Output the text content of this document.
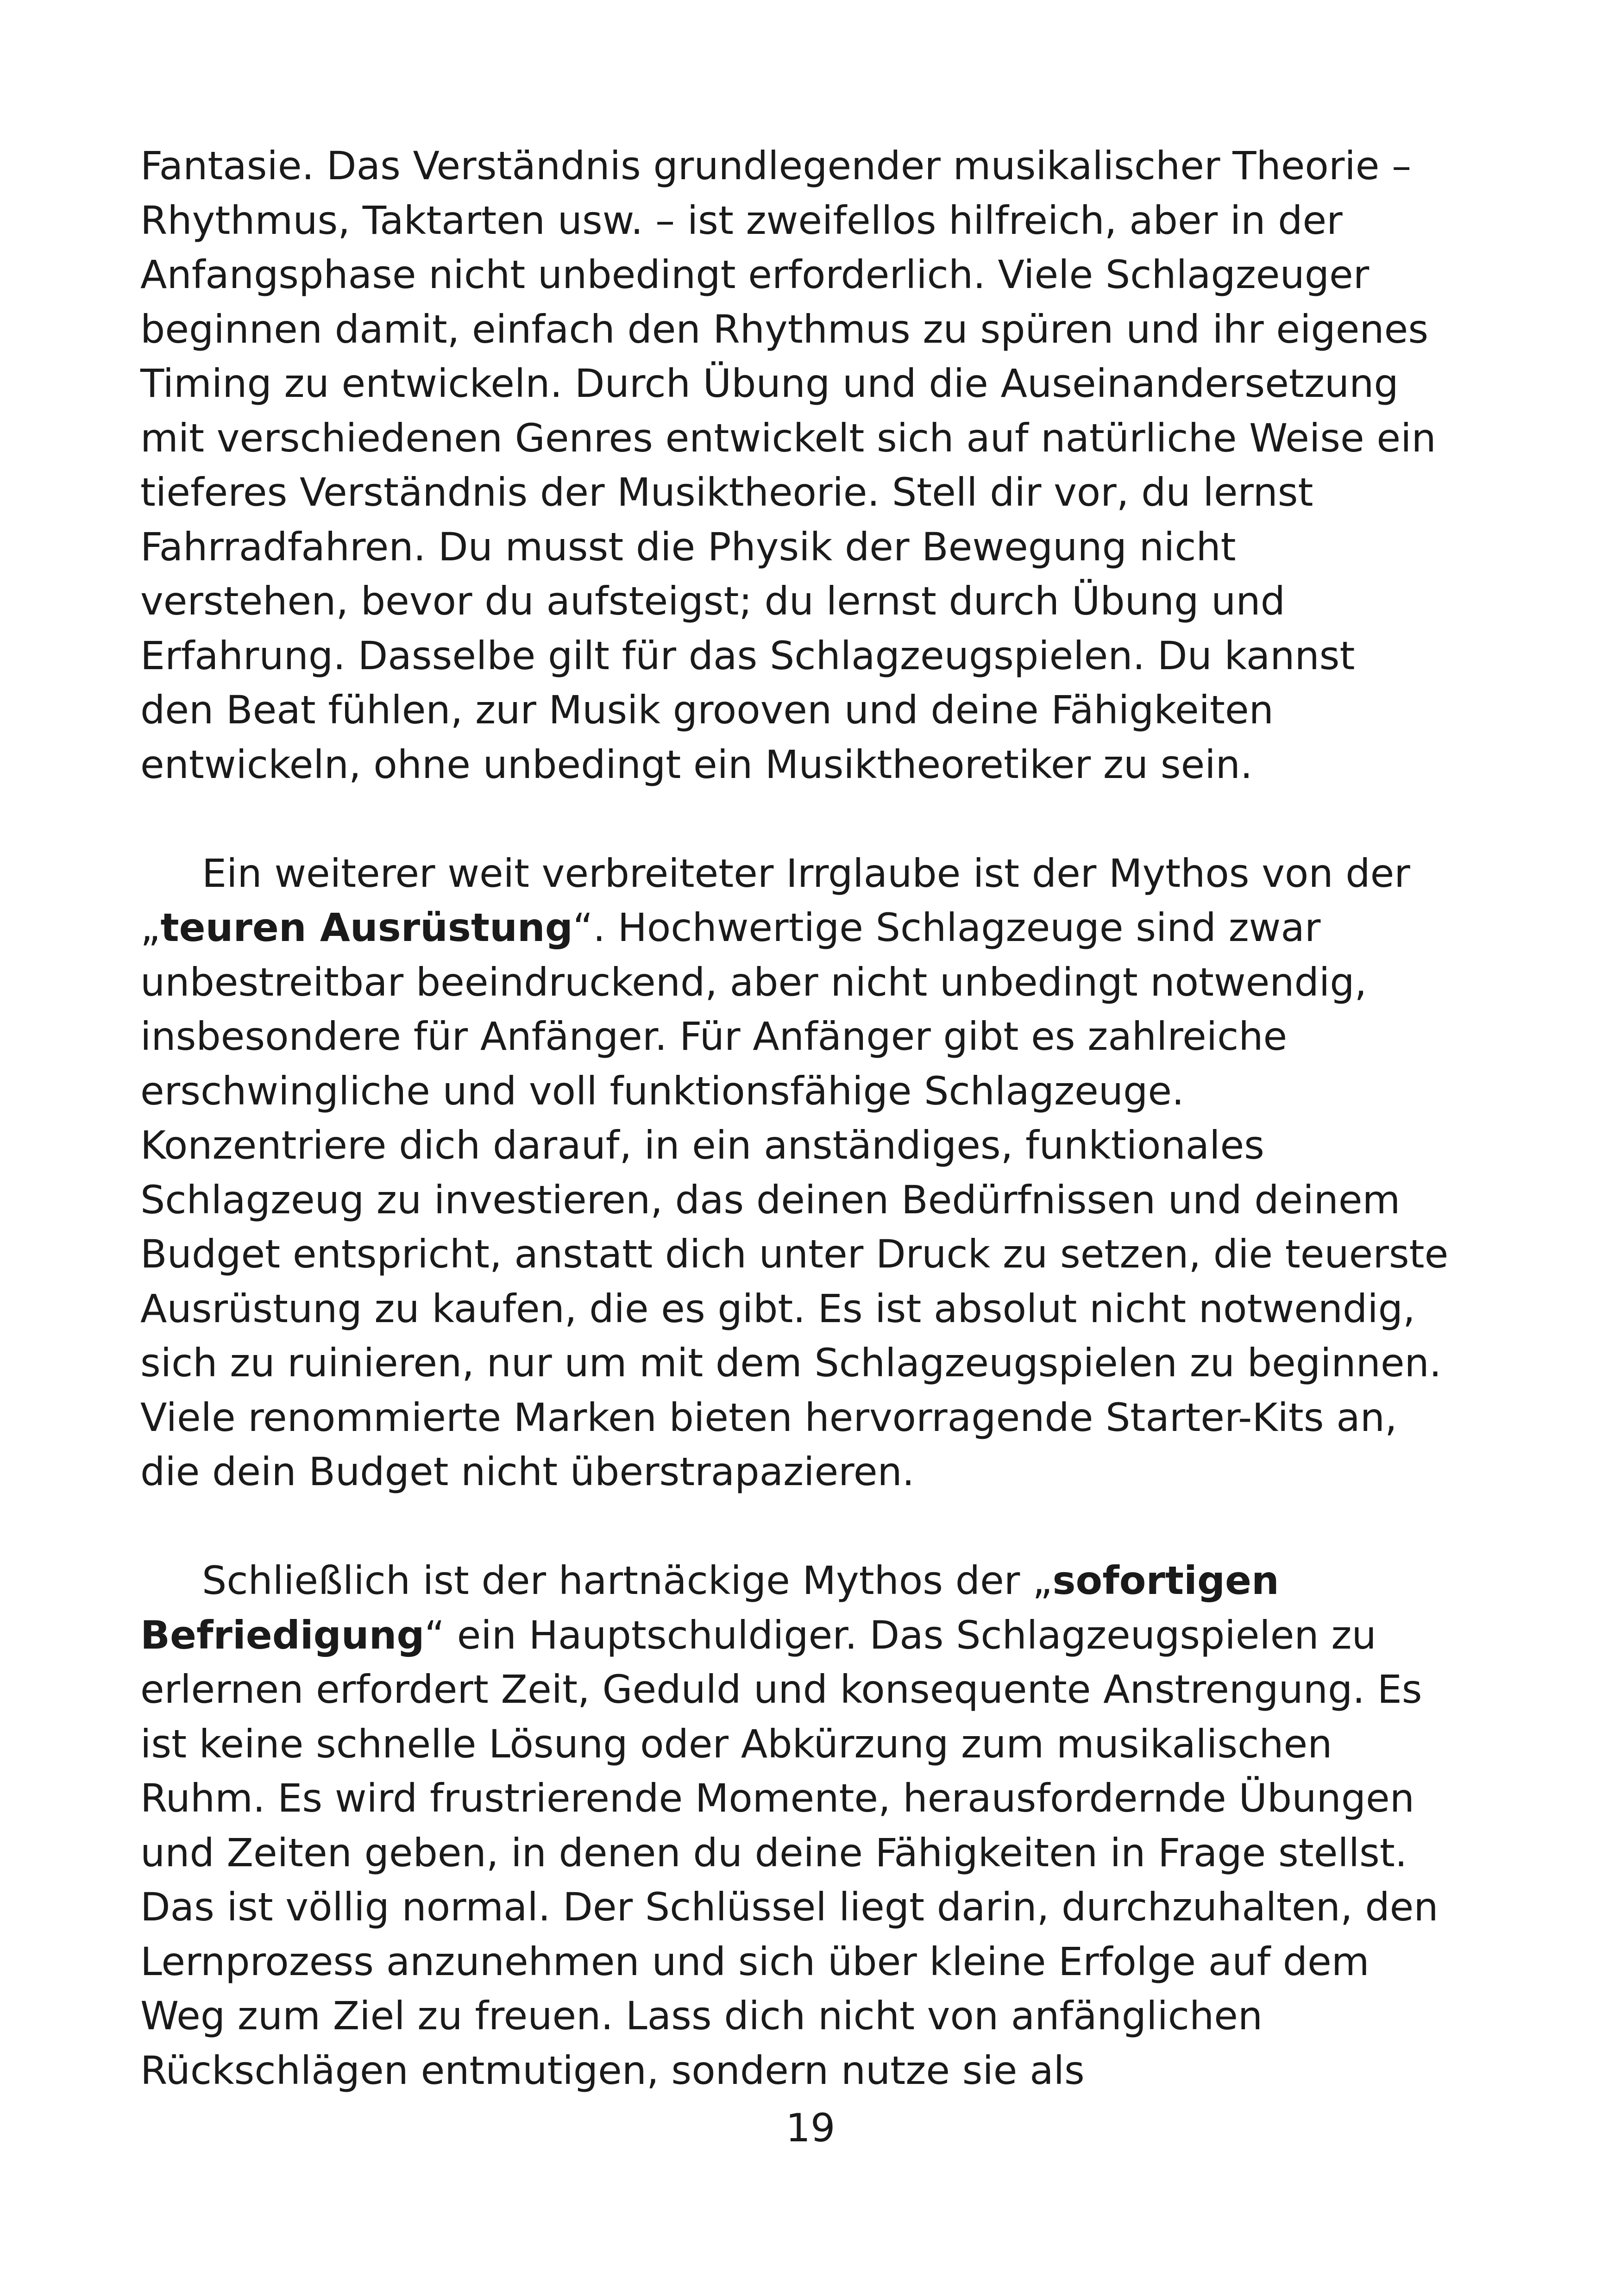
Fantasie. Das Verständnis grundlegender musikalischer Theorie –
Rhythmus, Taktarten usw. – ist zweifellos hilfreich, aber in der
Anfangsphase nicht unbedingt erforderlich. Viele Schlagzeuger
beginnen damit, einfach den Rhythmus zu spüren und ihr eigenes
Timing zu entwickeln. Durch Übung und die Auseinandersetzung
mit verschiedenen Genres entwickelt sich auf natürliche Weise ein
tieferes Verständnis der Musiktheorie. Stell dir vor, du lernst
Fahrradfahren. Du musst die Physik der Bewegung nicht
verstehen, bevor du aufsteigst; du lernst durch Übung und
Erfahrung. Dasselbe gilt für das Schlagzeugspielen. Du kannst
den Beat fühlen, zur Musik grooven und deine Fähigkeiten
entwickeln, ohne unbedingt ein Musiktheoretiker zu sein.
Ein weiterer weit verbreiteter Irrglaube ist der Mythos von der
„teuren Ausrüstung“. Hochwertige Schlagzeuge sind zwar
unbestreitbar beeindruckend, aber nicht unbedingt notwendig,
insbesondere für Anfänger. Für Anfänger gibt es zahlreiche
erschwingliche und voll funktionsfähige Schlagzeuge.
Konzentriere dich darauf, in ein anständiges, funktionales
Schlagzeug zu investieren, das deinen Bedürfnissen und deinem
Budget entspricht, anstatt dich unter Druck zu setzen, die teuerste
Ausrüstung zu kaufen, die es gibt. Es ist absolut nicht notwendig,
sich zu ruinieren, nur um mit dem Schlagzeugspielen zu beginnen.
Viele renommierte Marken bieten hervorragende Starter-Kits an,
die dein Budget nicht überstrapazieren.
Schließlich ist der hartnäckige Mythos der „sofortigen
Befriedigung“ ein Hauptschuldiger. Das Schlagzeugspielen zu
erlernen erfordert Zeit, Geduld und konsequente Anstrengung. Es
ist keine schnelle Lösung oder Abkürzung zum musikalischen
Ruhm. Es wird frustrierende Momente, herausfordernde Übungen
und Zeiten geben, in denen du deine Fähigkeiten in Frage stellst.
Das ist völlig normal. Der Schlüssel liegt darin, durchzuhalten, den
Lernprozess anzunehmen und sich über kleine Erfolge auf dem
Weg zum Ziel zu freuen. Lass dich nicht von anfänglichen
Rückschlägen entmutigen, sondern nutze sie als
19
